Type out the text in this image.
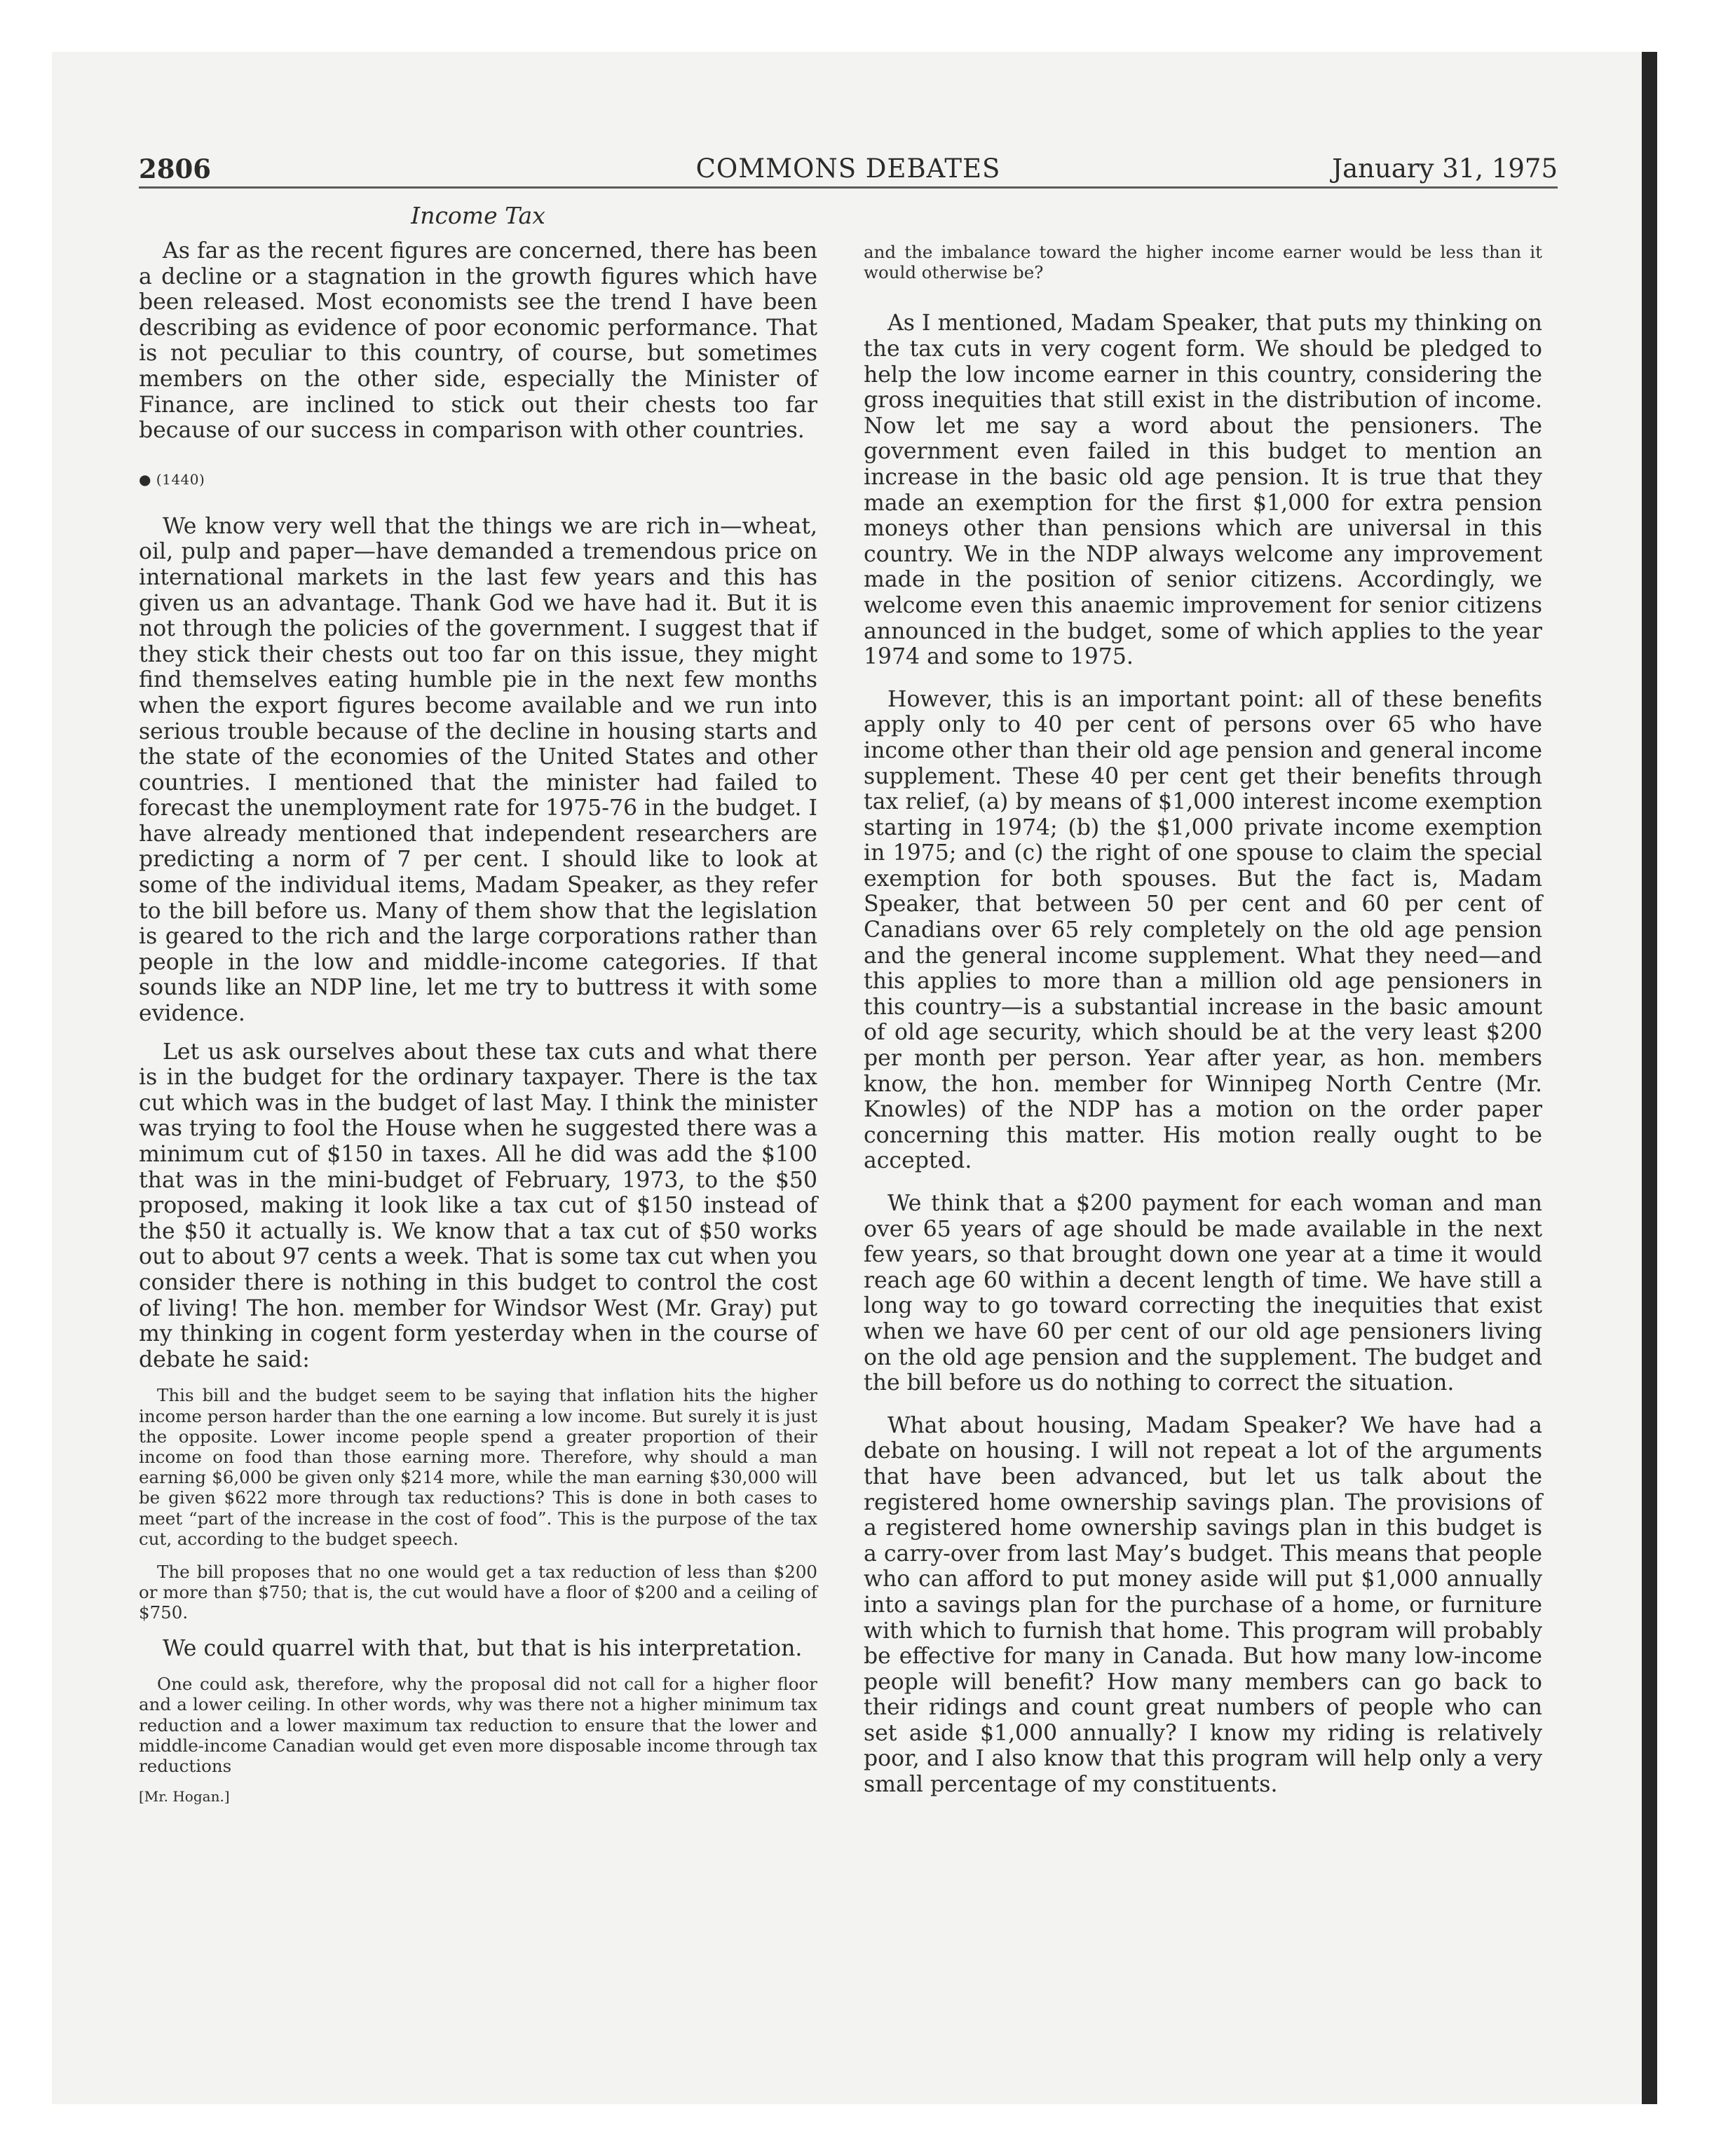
2806	COMMONS DEBATES	January 31, 1975
Income Tax

As far as the recent figures are concerned, there has been a decline or a stagnation in the growth figures which have been released. Most economists see the trend I have been describing as evidence of poor economic performance. That is not peculiar to this country, of course, but sometimes members on the other side, especially the Minister of Finance, are inclined to stick out their chests too far because of our success in comparison with other countries.

● (1440)

We know very well that the things we are rich in—wheat, oil, pulp and paper—have demanded a tremendous price on international markets in the last few years and this has given us an advantage. Thank God we have had it. But it is not through the policies of the government. I suggest that if they stick their chests out too far on this issue, they might find themselves eating humble pie in the next few months when the export figures become available and we run into serious trouble because of the decline in housing starts and the state of the economies of the United States and other countries. I mentioned that the minister had failed to forecast the unemployment rate for 1975-76 in the budget. I have already mentioned that independent researchers are predicting a norm of 7 per cent. I should like to look at some of the individual items, Madam Speaker, as they refer to the bill before us. Many of them show that the legislation is geared to the rich and the large corporations rather than people in the low and middle-income categories. If that sounds like an NDP line, let me try to buttress it with some evidence.

Let us ask ourselves about these tax cuts and what there is in the budget for the ordinary taxpayer. There is the tax cut which was in the budget of last May. I think the minister was trying to fool the House when he suggested there was a minimum cut of $150 in taxes. All he did was add the $100 that was in the mini-budget of February, 1973, to the $50 proposed, making it look like a tax cut of $150 instead of the $50 it actually is. We know that a tax cut of $50 works out to about 97 cents a week. That is some tax cut when you consider there is nothing in this budget to control the cost of living! The hon. member for Windsor West (Mr. Gray) put my thinking in cogent form yesterday when in the course of debate he said:

This bill and the budget seem to be saying that inflation hits the higher income person harder than the one earning a low income. But surely it is just the opposite. Lower income people spend a greater proportion of their income on food than those earning more. Therefore, why should a man earning $6,000 be given only $214 more, while the man earning $30,000 will be given $622 more through tax reductions? This is done in both cases to meet “part of the increase in the cost of food”. This is the purpose of the tax cut, according to the budget speech.

The bill proposes that no one would get a tax reduction of less than $200 or more than $750; that is, the cut would have a floor of $200 and a ceiling of $750.

We could quarrel with that, but that is his interpretation.

One could ask, therefore, why the proposal did not call for a higher floor and a lower ceiling. In other words, why was there not a higher minimum tax reduction and a lower maximum tax reduction to ensure that the lower and middle-income Canadian would get even more disposable income through tax reductions

[Mr. Hogan.]

and the imbalance toward the higher income earner would be less than it would otherwise be?

As I mentioned, Madam Speaker, that puts my thinking on the tax cuts in very cogent form. We should be pledged to help the low income earner in this country, considering the gross inequities that still exist in the distribution of income. Now let me say a word about the pensioners. The government even failed in this budget to mention an increase in the basic old age pension. It is true that they made an exemption for the first $1,000 for extra pension moneys other than pensions which are universal in this country. We in the NDP always welcome any improvement made in the position of senior citizens. Accordingly, we welcome even this anaemic improvement for senior citizens announced in the budget, some of which applies to the year 1974 and some to 1975.

However, this is an important point: all of these benefits apply only to 40 per cent of persons over 65 who have income other than their old age pension and general income supplement. These 40 per cent get their benefits through tax relief, (a) by means of $1,000 interest income exemption starting in 1974; (b) the $1,000 private income exemption in 1975; and (c) the right of one spouse to claim the special exemption for both spouses. But the fact is, Madam Speaker, that between 50 per cent and 60 per cent of Canadians over 65 rely completely on the old age pension and the general income supplement. What they need—and this applies to more than a million old age pensioners in this country—is a substantial increase in the basic amount of old age security, which should be at the very least $200 per month per person. Year after year, as hon. members know, the hon. member for Winnipeg North Centre (Mr. Knowles) of the NDP has a motion on the order paper concerning this matter. His motion really ought to be accepted.

We think that a $200 payment for each woman and man over 65 years of age should be made available in the next few years, so that brought down one year at a time it would reach age 60 within a decent length of time. We have still a long way to go toward correcting the inequities that exist when we have 60 per cent of our old age pensioners living on the old age pension and the supplement. The budget and the bill before us do nothing to correct the situation.

What about housing, Madam Speaker? We have had a debate on housing. I will not repeat a lot of the arguments that have been advanced, but let us talk about the registered home ownership savings plan. The provisions of a registered home ownership savings plan in this budget is a carry-over from last May’s budget. This means that people who can afford to put money aside will put $1,000 annually into a savings plan for the purchase of a home, or furniture with which to furnish that home. This program will probably be effective for many in Canada. But how many low-income people will benefit? How many members can go back to their ridings and count great numbers of people who can set aside $1,000 annually? I know my riding is relatively poor, and I also know that this program will help only a very small percentage of my constituents.
